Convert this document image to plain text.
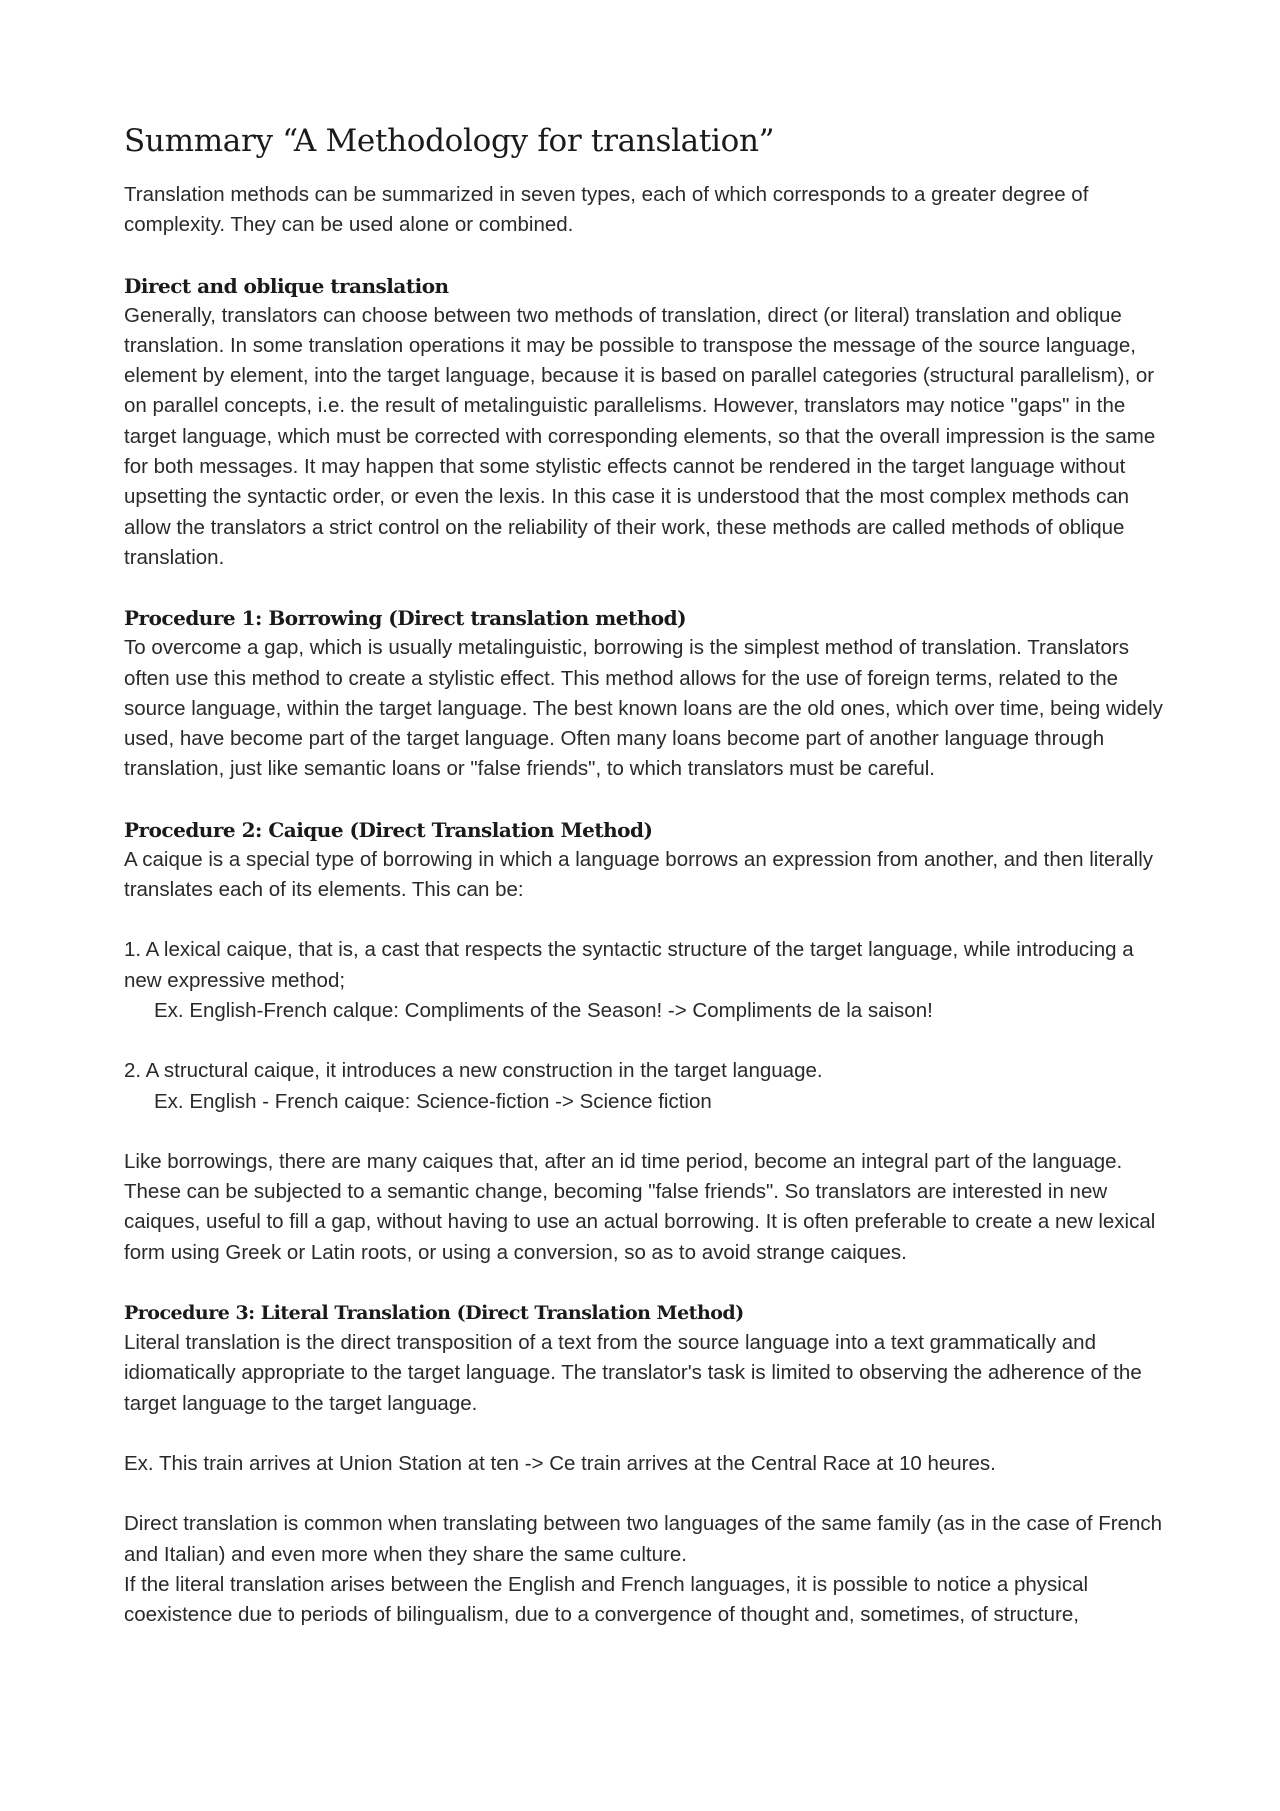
Summary “A Methodology for translation”

Translation methods can be summarized in seven types, each of which corresponds to a greater degree of complexity. They can be used alone or combined.

Direct and oblique translation

Generally, translators can choose between two methods of translation, direct (or literal) translation and oblique translation. In some translation operations it may be possible to transpose the message of the source language, element by element, into the target language, because it is based on parallel categories (structural parallelism), or on parallel concepts, i.e. the result of metalinguistic parallelisms. However, translators may notice "gaps" in the target language, which must be corrected with corresponding elements, so that the overall impression is the same for both messages. It may happen that some stylistic effects cannot be rendered in the target language without upsetting the syntactic order, or even the lexis. In this case it is understood that the most complex methods can allow the translators a strict control on the reliability of their work, these methods are called methods of oblique translation.

Procedure 1: Borrowing (Direct translation method)

To overcome a gap, which is usually metalinguistic, borrowing is the simplest method of translation. Translators often use this method to create a stylistic effect. This method allows for the use of foreign terms, related to the source language, within the target language. The best known loans are the old ones, which over time, being widely used, have become part of the target language. Often many loans become part of another language through translation, just like semantic loans or "false friends", to which translators must be careful.

Procedure 2: Caique (Direct Translation Method)

A caique is a special type of borrowing in which a language borrows an expression from another, and then literally translates each of its elements. This can be:

1. A lexical caique, that is, a cast that respects the syntactic structure of the target language, while introducing a new expressive method;

Ex. English-French calque: Compliments of the Season! -> Compliments de la saison!

2. A structural caique, it introduces a new construction in the target language.

Ex. English - French caique: Science-fiction -> Science fiction

Like borrowings, there are many caiques that, after an id time period, become an integral part of the language. These can be subjected to a semantic change, becoming "false friends". So translators are interested in new caiques, useful to fill a gap, without having to use an actual borrowing. It is often preferable to create a new lexical form using Greek or Latin roots, or using a conversion, so as to avoid strange caiques.

Procedure 3: Literal Translation (Direct Translation Method)

Literal translation is the direct transposition of a text from the source language into a text grammatically and idiomatically appropriate to the target language. The translator's task is limited to observing the adherence of the target language to the target language.

Ex. This train arrives at Union Station at ten -> Ce train arrives at the Central Race at 10 heures.

Direct translation is common when translating between two languages of the same family (as in the case of French and Italian) and even more when they share the same culture.

If the literal translation arises between the English and French languages, it is possible to notice a physical coexistence due to periods of bilingualism, due to a convergence of thought and, sometimes, of structure,
